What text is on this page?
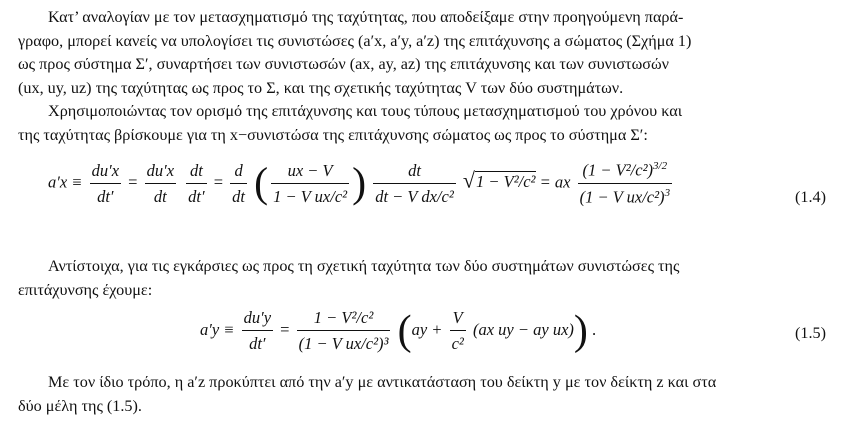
Κατ’ αναλογίαν με τον μετασχηματισμό της ταχύτητας, που αποδείξαμε στην προηγούμενη παρά-
γραφο, μπορεί κανείς να υπολογίσει τις συνιστώσες (a′x, a′y, a′z) της επιτάχυνσης a σώματος (Σχήμα 1)
ως προς σύστημα Σ′, συναρτήσει των συνιστωσών (ax, ay, az) της επιτάχυνσης και των συνιστωσών
(ux, uy, uz) της ταχύτητας ως προς το Σ, και της σχετικής ταχύτητας V των δύο συστημάτων.

Χρησιμοποιώντας τον ορισμό της επιτάχυνσης και τους τύπους μετασχηματισμού του χρόνου και
της ταχύτητας βρίσκουμε για τη x−συνιστώσα της επιτάχυνσης σώματος ως προς το σύστημα Σ′:

$a'x \equiv \frac{du'x}{dt'} = \frac{du'x}{dt}$
$\frac{dt}{dt'} = \frac{d}{dt}$ ( $\frac{ux - V}{\text{1 − V ux/c²}}$ ) $\frac{dt}{\text{dt − V dx/c²}} √1 - V^2/c^2$ = ax $\frac{(1 - V^2/c^2)^{3/2}}{(1 - V ux/c^2)^3}$	(1.4)

Αντίστοιχα, για τις εγκάρσιες ως προς τη σχετική ταχύτητα των δύο συστημάτων συνιστώσες της
επιτάχυνσης έχουμε:

$a'y \equiv \frac{du'y}{dt'} = \frac{\text{1 − V²/c²}}{\text{(1 − V ux/c²)³}} (ay + \frac{V}{\text{c²}} (ax$ uy − ay ux)) .	(1.5)

Με τον ίδιο τρόπο, η a′z προκύπτει από την a′y με αντικατάσταση του δείκτη y με τον δείκτη z και στα
δύο μέλη της (1.5).
